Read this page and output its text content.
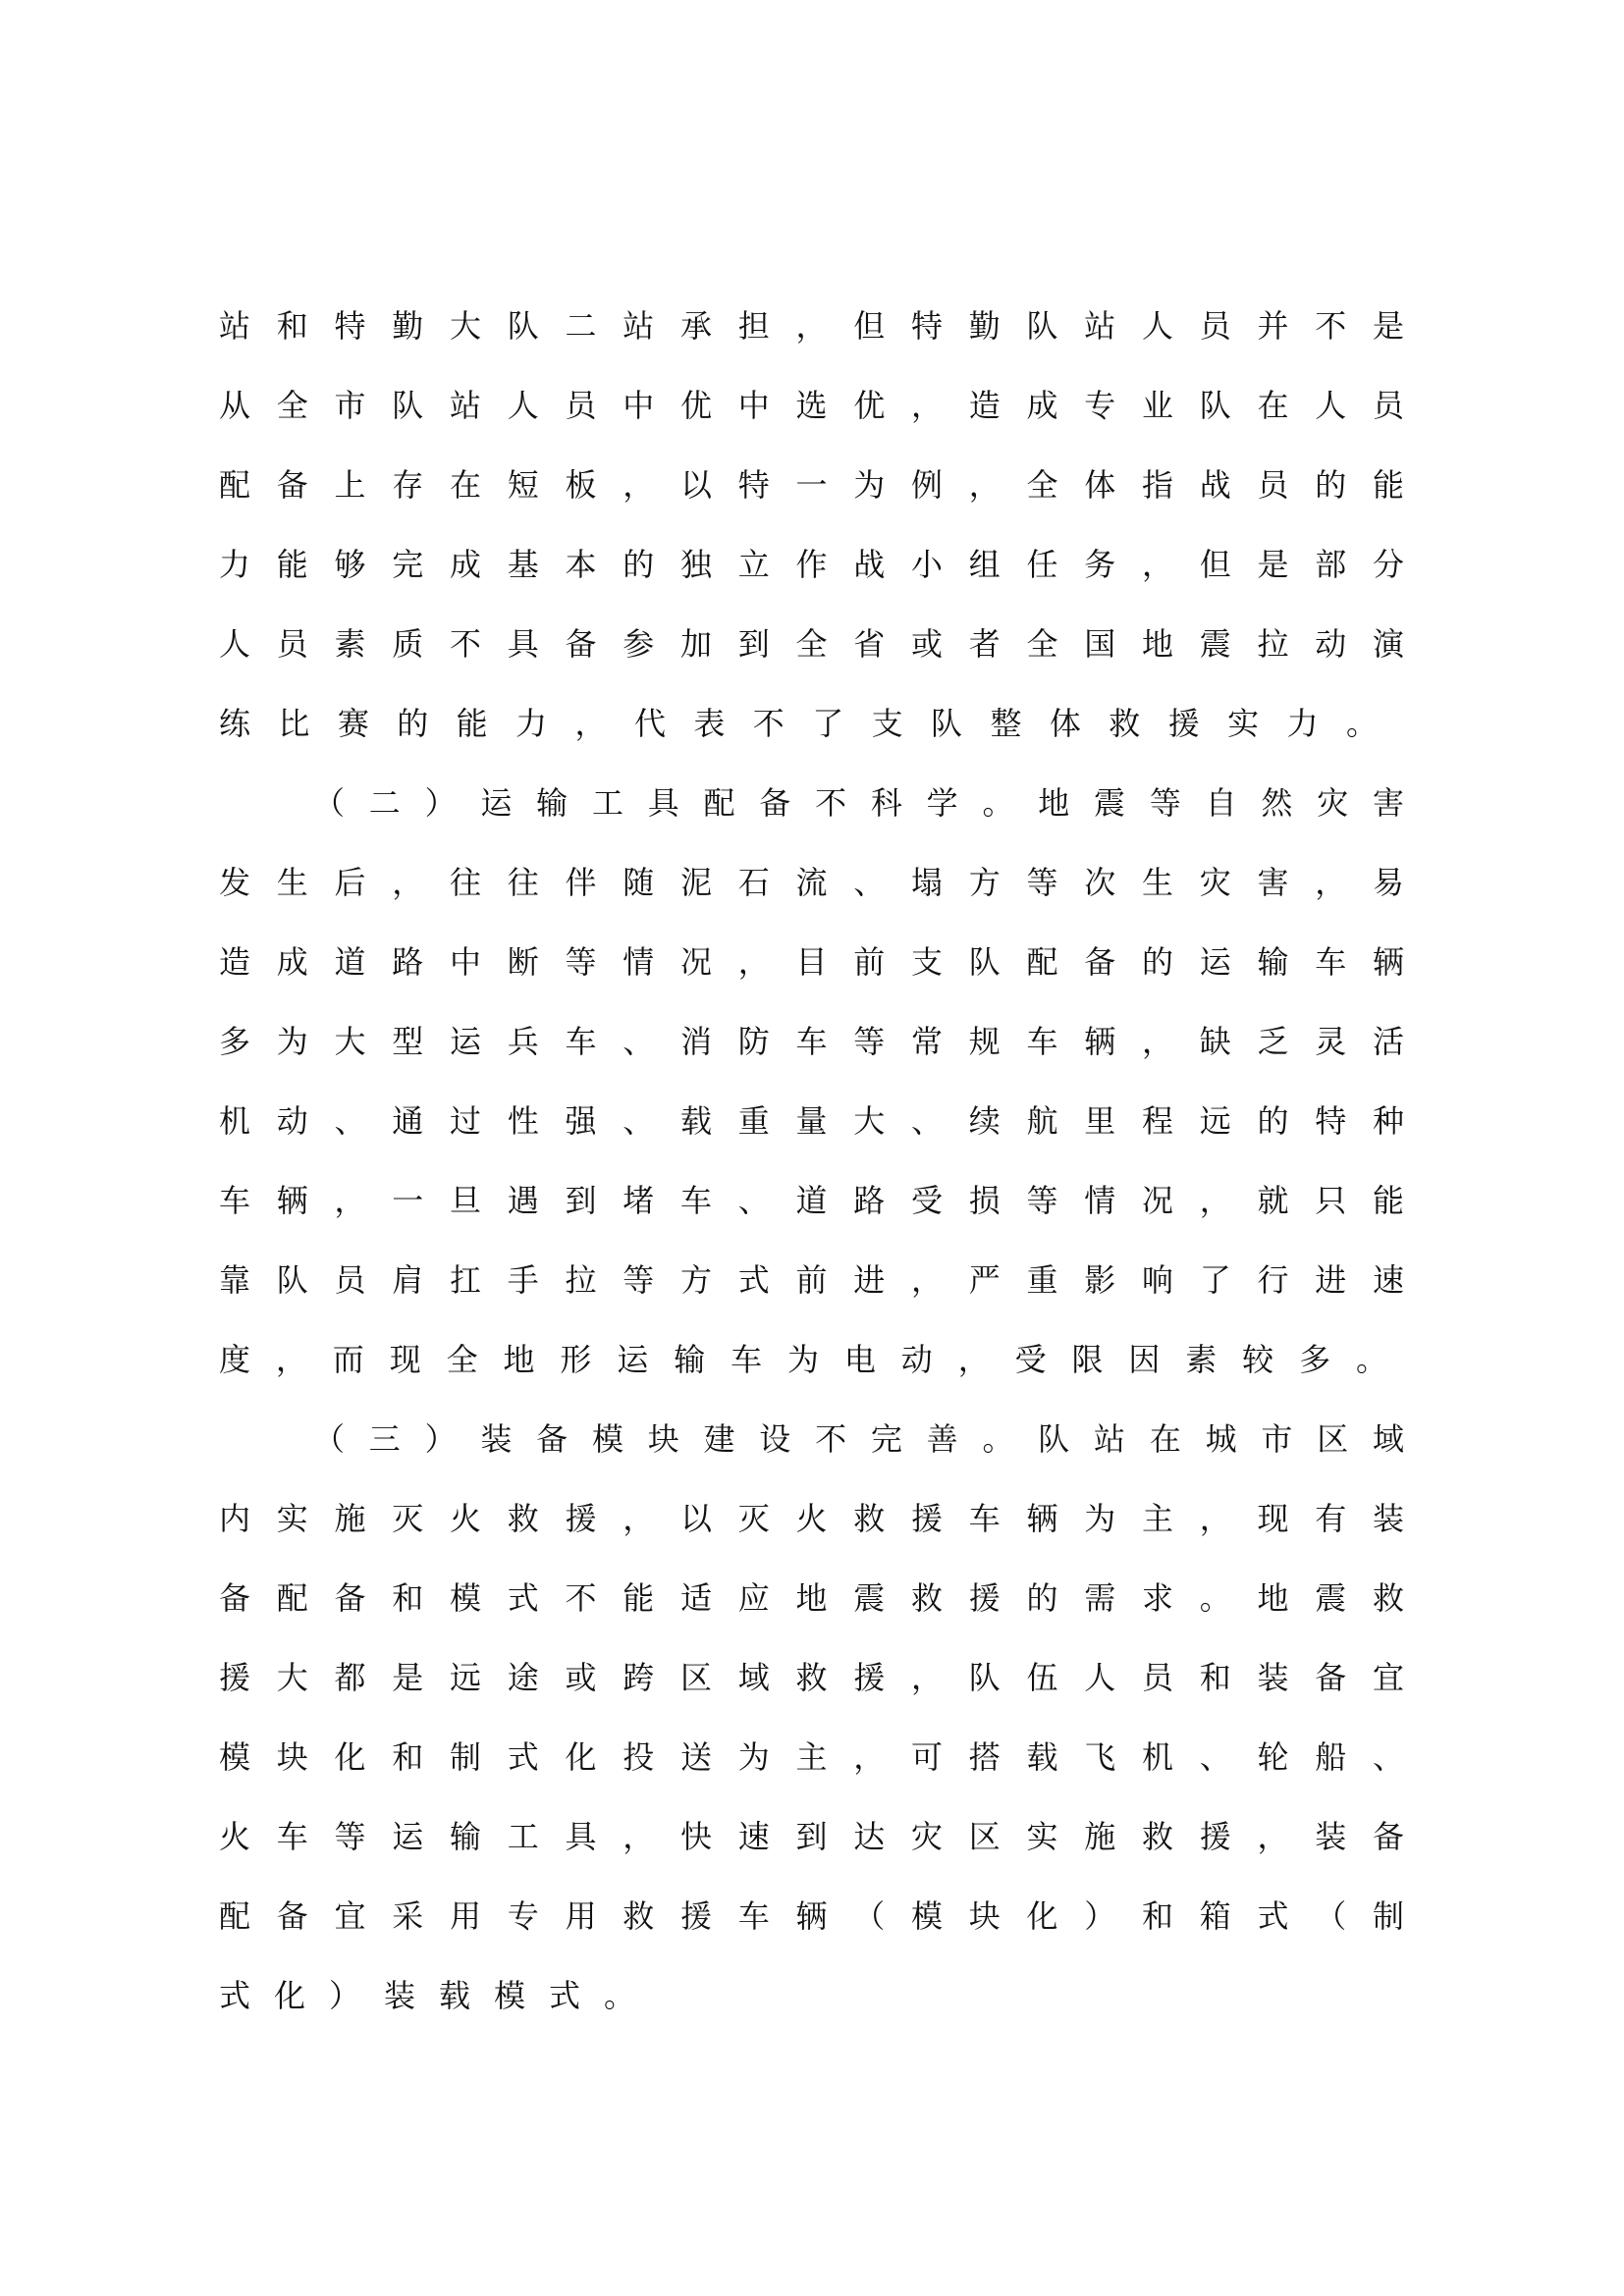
站和特勤大队二站承担，但特勤队站人员并不是
从全市队站人员中优中选优，造成专业队在人员
配备上存在短板，以特一为例，全体指战员的能
力能够完成基本的独立作战小组任务，但是部分
人员素质不具备参加到全省或者全国地震拉动演
练比赛的能力，代表不了支队整体救援实力。
（二）运输工具配备不科学。地震等自然灾害
发生后，往往伴随泥石流、塌方等次生灾害，易
造成道路中断等情况，目前支队配备的运输车辆
多为大型运兵车、消防车等常规车辆，缺乏灵活
机动、通过性强、载重量大、续航里程远的特种
车辆，一旦遇到堵车、道路受损等情况，就只能
靠队员肩扛手拉等方式前进，严重影响了行进速
度，而现全地形运输车为电动，受限因素较多。
（三）装备模块建设不完善。队站在城市区域
内实施灭火救援，以灭火救援车辆为主，现有装
备配备和模式不能适应地震救援的需求。地震救
援大都是远途或跨区域救援，队伍人员和装备宜
模块化和制式化投送为主，可搭载飞机、轮船、
火车等运输工具，快速到达灾区实施救援，装备
配备宜采用专用救援车辆（模块化）和箱式（制
式化）装载模式。
